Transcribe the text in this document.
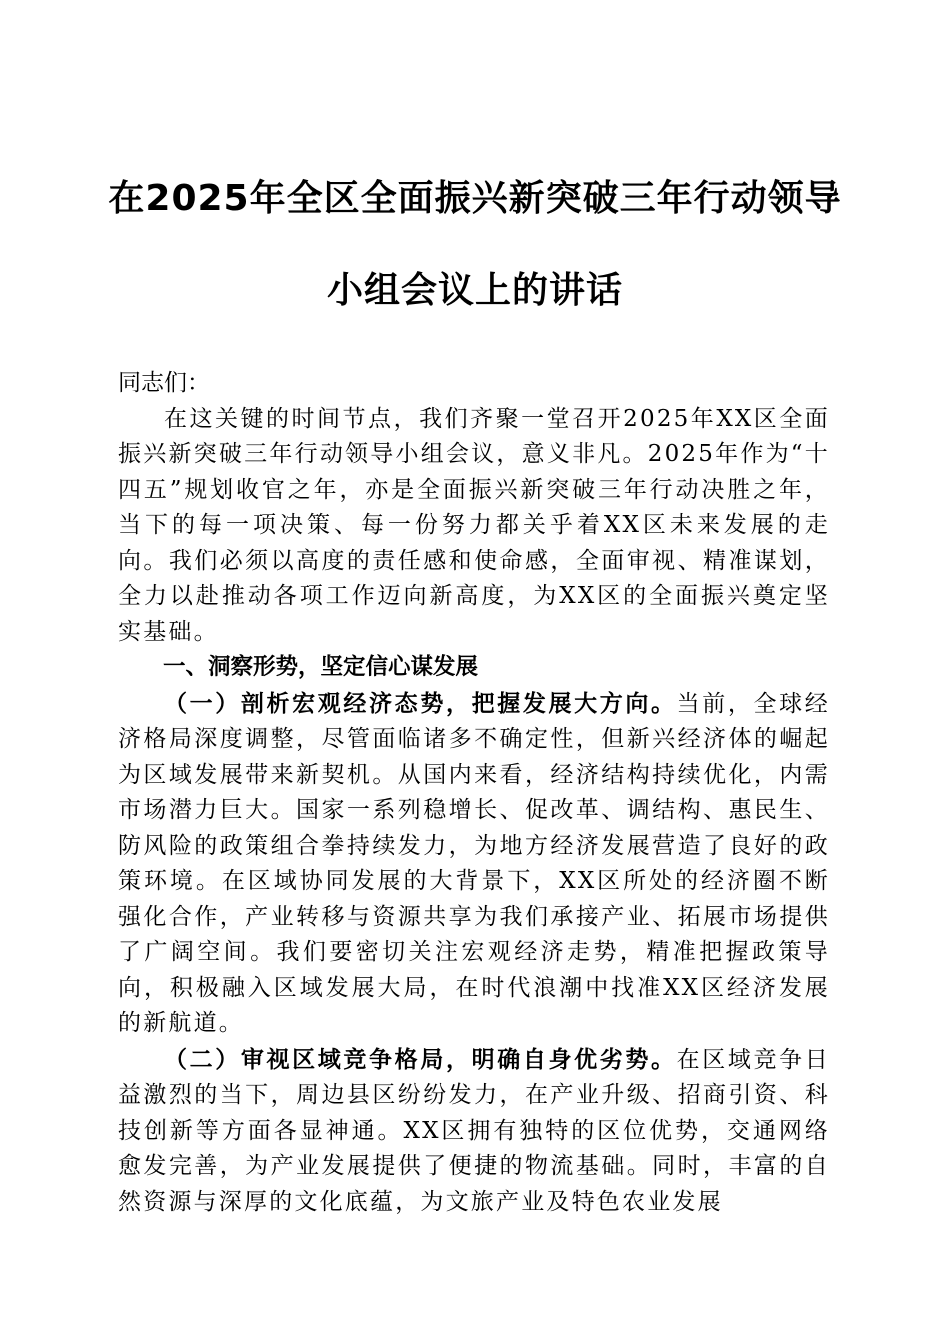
在2025年全区全面振兴新突破三年行动领导
小组会议上的讲话

同志们：

在这关键的时间节点，我们齐聚一堂召开2025年XX区全面振兴新突破三年行动领导小组会议，意义非凡。2025年作为“十四五”规划收官之年，亦是全面振兴新突破三年行动决胜之年，当下的每一项决策、每一份努力都关乎着XX区未来发展的走向。我们必须以高度的责任感和使命感，全面审视、精准谋划，全力以赴推动各项工作迈向新高度，为XX区的全面振兴奠定坚实基础。

一、洞察形势，坚定信心谋发展

（一）剖析宏观经济态势，把握发展大方向。当前，全球经济格局深度调整，尽管面临诸多不确定性，但新兴经济体的崛起为区域发展带来新契机。从国内来看，经济结构持续优化，内需市场潜力巨大。国家一系列稳增长、促改革、调结构、惠民生、防风险的政策组合拳持续发力，为地方经济发展营造了良好的政策环境。在区域协同发展的大背景下，XX区所处的经济圈不断强化合作，产业转移与资源共享为我们承接产业、拓展市场提供了广阔空间。我们要密切关注宏观经济走势，精准把握政策导向，积极融入区域发展大局，在时代浪潮中找准XX区经济发展的新航道。

（二）审视区域竞争格局，明确自身优劣势。在区域竞争日益激烈的当下，周边县区纷纷发力，在产业升级、招商引资、科技创新等方面各显神通。XX区拥有独特的区位优势，交通网络愈发完善，为产业发展提供了便捷的物流基础。同时，丰富的自然资源与深厚的文化底蕴，为文旅产业及特色农业发展
